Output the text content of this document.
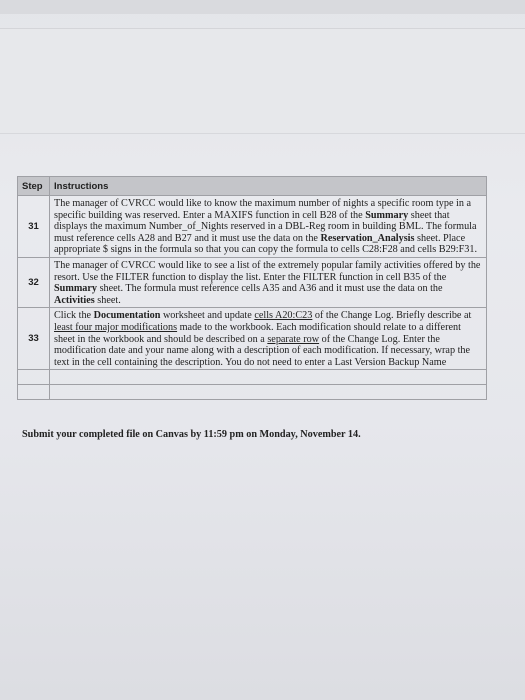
Step	Instructions
31	The manager of CVRCC would like to know the maximum number of nights a specific room type in a specific building was reserved. Enter a MAXIFS function in cell B28 of the Summary sheet that displays the maximum Number_of_Nights reserved in a DBL-Reg room in building BML. The formula must reference cells A28 and B27 and it must use the data on the Reservation_Analysis sheet. Place appropriate $ signs in the formula so that you can copy the formula to cells C28:F28 and cells B29:F31.
32	The manager of CVRCC would like to see a list of the extremely popular family activities offered by the resort. Use the FILTER function to display the list. Enter the FILTER function in cell B35 of the Summary sheet. The formula must reference cells A35 and A36 and it must use the data on the Activities sheet.
33	Click the Documentation worksheet and update cells A20:C23 of the Change Log. Briefly describe at least four major modifications made to the workbook. Each modification should relate to a different sheet in the workbook and should be described on a separate row of the Change Log. Enter the modification date and your name along with a description of each modification. If necessary, wrap the text in the cell containing the description. You do not need to enter a Last Version Backup Name

Submit your completed file on Canvas by 11:59 pm on Monday, November 14.
